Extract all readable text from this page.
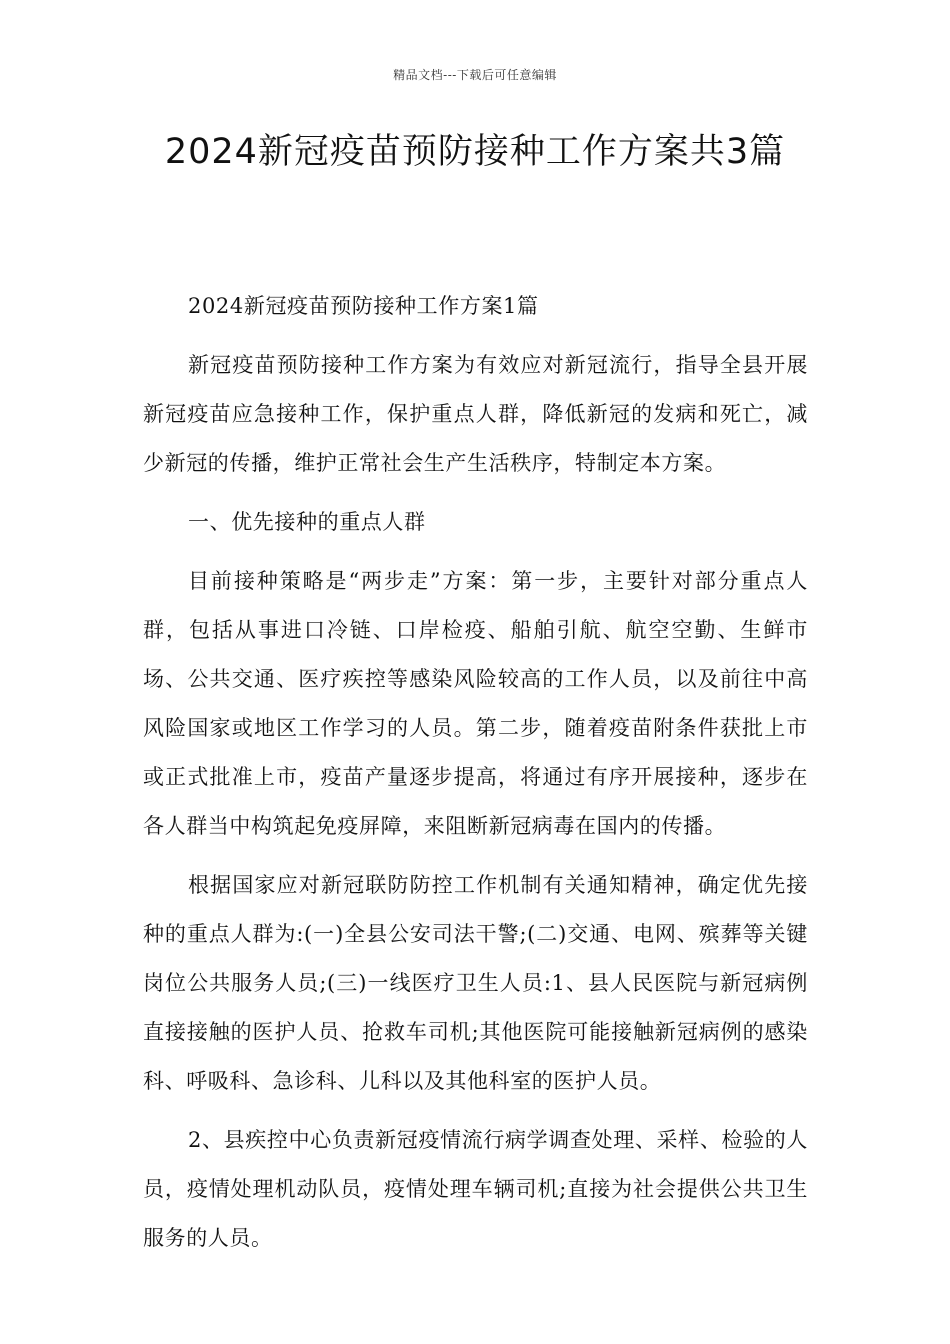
精品文档---下载后可任意编辑
2024新冠疫苗预防接种工作方案共3篇

2024新冠疫苗预防接种工作方案1篇

新冠疫苗预防接种工作方案为有效应对新冠流行，指导全县开展新冠疫苗应急接种工作，保护重点人群，降低新冠的发病和死亡，减少新冠的传播，维护正常社会生产生活秩序，特制定本方案。

一、优先接种的重点人群

目前接种策略是“两步走”方案：第一步，主要针对部分重点人群，包括从事进口冷链、口岸检疫、船舶引航、航空空勤、生鲜市场、公共交通、医疗疾控等感染风险较高的工作人员，以及前往中高风险国家或地区工作学习的人员。第二步，随着疫苗附条件获批上市或正式批准上市，疫苗产量逐步提高，将通过有序开展接种，逐步在各人群当中构筑起免疫屏障，来阻断新冠病毒在国内的传播。

根据国家应对新冠联防防控工作机制有关通知精神，确定优先接种的重点人群为:(一)全县公安司法干警;(二)交通、电网、殡葬等关键岗位公共服务人员;(三)一线医疗卫生人员:1、县人民医院与新冠病例直接接触的医护人员、抢救车司机;其他医院可能接触新冠病例的感染科、呼吸科、急诊科、儿科以及其他科室的医护人员。

2、县疾控中心负责新冠疫情流行病学调查处理、采样、检验的人员，疫情处理机动队员，疫情处理车辆司机;直接为社会提供公共卫生服务的人员。
